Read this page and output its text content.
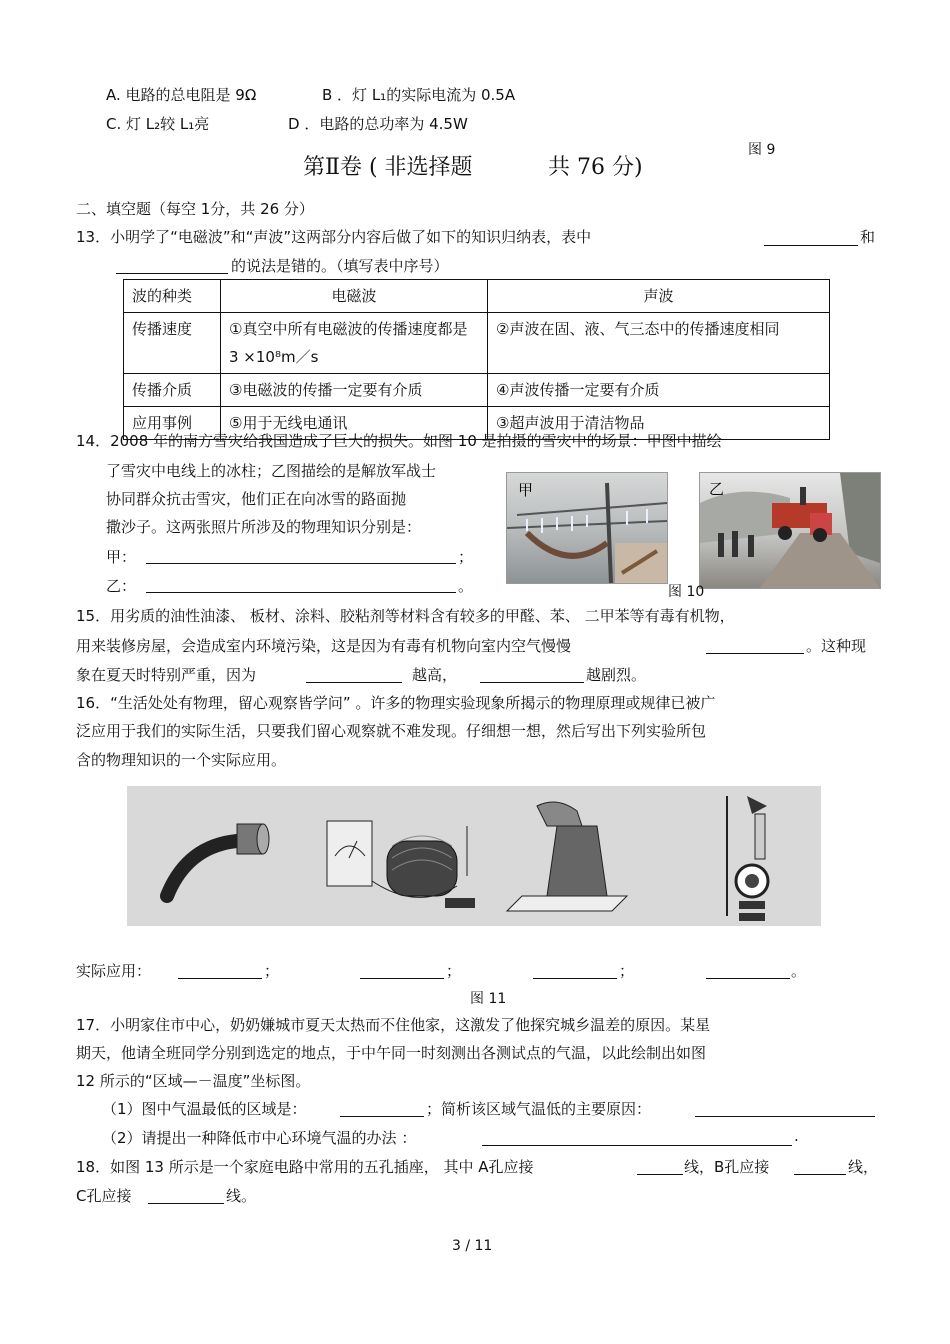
A. 电路的总电阻是 9Ω	B ．灯 L₁的实际电流为 0.5A
C. 灯 L₂较 L₁亮	D ．电路的总功率为 4.5W
图 9
第Ⅱ卷 ( 非选择题	共 76 分)
二、填空题（每空 1分，共 26 分）
13．小明学了“电磁波”和“声波”这两部分内容后做了如下的知识归纳表，表中	和
的说法是错的。（填写表中序号）
波的种类	电磁波	声波
传播速度	①真空中所有电磁波的传播速度都是 3 ×10⁸m／s	②声波在固、液、气三态中的传播速度相同
传播介质	③电磁波的传播一定要有介质	④声波传播一定要有介质
应用事例	⑤用于无线电通讯	③超声波用于清洁物品
14．2008 年的南方雪灾给我国造成了巨大的损失。如图 10 是拍摄的雪灾中的场景：甲图中描绘
了雪灾中电线上的冰柱；乙图描绘的是解放军战士
协同群众抗击雪灾，他们正在向冰雪的路面抛
撒沙子。这两张照片所涉及的物理知识分别是：
甲：	；
乙：	。
甲	乙
图 10
15．用劣质的油性油漆、 板材、涂料、胶粘剂等材料含有较多的甲醛、苯、 二甲苯等有毒有机物，
用来装修房屋，会造成室内环境污染，这是因为有毒有机物向室内空气慢慢	。这种现
象在夏天时特别严重，因为	越高，	越剧烈。
16．“生活处处有物理，留心观察皆学问” 。许多的物理实验现象所揭示的物理原理或规律已被广
泛应用于我们的实际生活，只要我们留心观察就不难发现。仔细想一想，然后写出下列实验所包
含的物理知识的一个实际应用。
实际应用：	；	；	；	。
图 11
17．小明家住市中心，奶奶嫌城市夏天太热而不住他家，这激发了他探究城乡温差的原因。某星
期天，他请全班同学分别到选定的地点，于中午同一时刻测出各测试点的气温，以此绘制出如图
12 所示的“区域—－温度”坐标图。
（1）图中气温最低的区域是：	；简析该区域气温低的主要原因：
（2）请提出一种降低市中心环境气温的办法 ：	.
18．如图 13 所示是一个家庭电路中常用的五孔插座， 其中 A孔应接	线，B孔应接	线，
C孔应接	线。
3 / 11
